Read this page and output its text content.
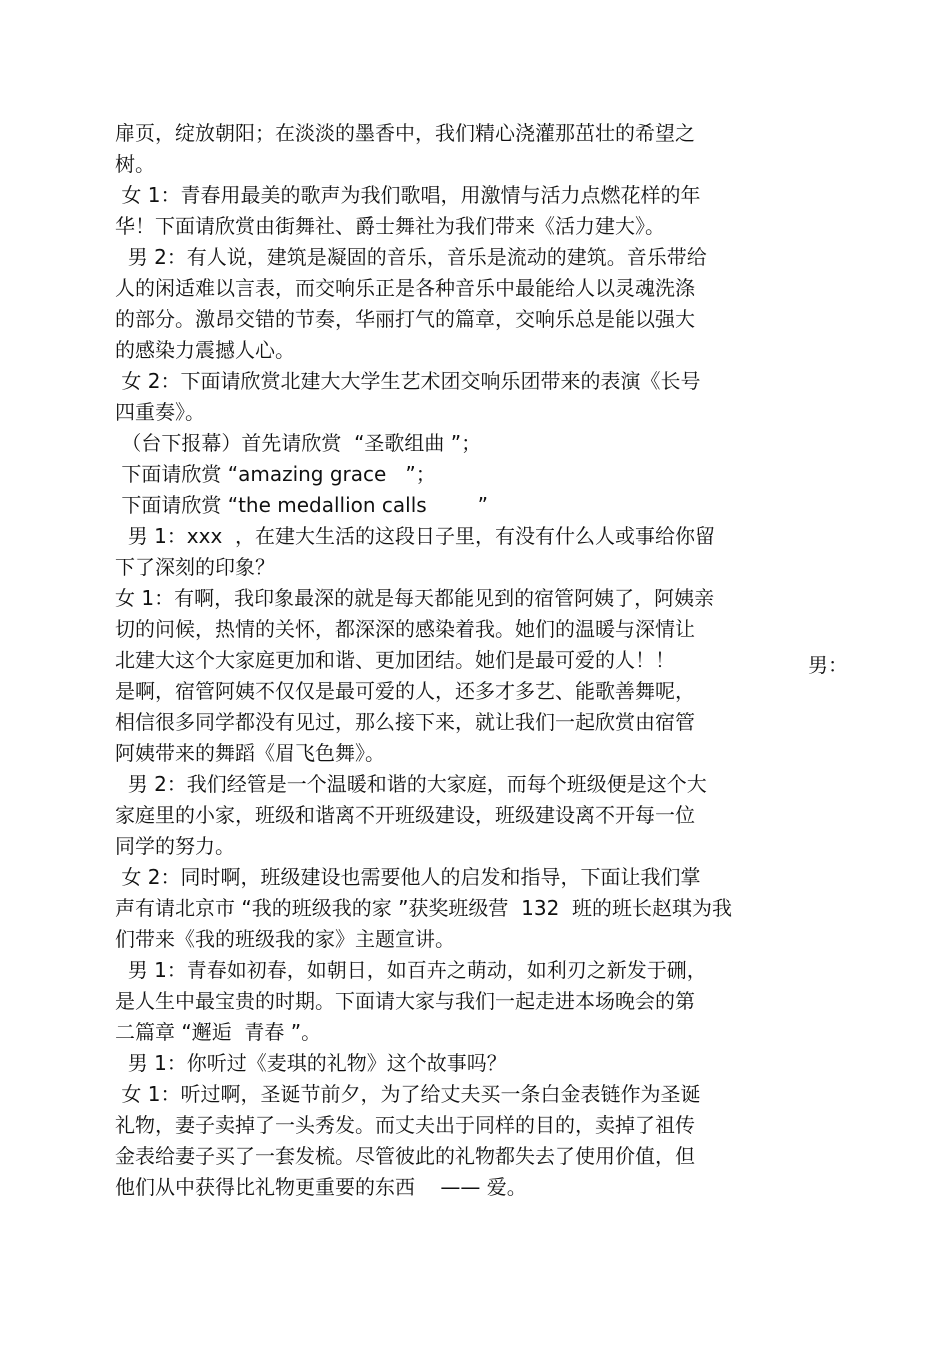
扉页，绽放朝阳；在淡淡的墨香中，我们精心浇灌那茁壮的希望之

树。

女 1：青春用最美的歌声为我们歌唱，用激情与活力点燃花样的年

华！下面请欣赏由街舞社、爵士舞社为我们带来《活力建大》。

男 2：有人说，建筑是凝固的音乐，音乐是流动的建筑。音乐带给

人的闲适难以言表，而交响乐正是各种音乐中最能给人以灵魂洗涤

的部分。激昂交错的节奏，华丽打气的篇章，交响乐总是能以强大

的感染力震撼人心。

女 2：下面请欣赏北建大大学生艺术团交响乐团带来的表演《长号

四重奏》。

（台下报幕）首先请欣赏  “圣歌组曲 ”；

下面请欣赏 “amazing grace   ”；

下面请欣赏 “the medallion calls        ”

男 1：xxx  ，在建大生活的这段日子里，有没有什么人或事给你留

下了深刻的印象？

女 1：有啊，我印象最深的就是每天都能见到的宿管阿姨了，阿姨亲

切的问候，热情的关怀，都深深的感染着我。她们的温暖与深情让

北建大这个大家庭更加和谐、更加团结。她们是最可爱的人！！

是啊，宿管阿姨不仅仅是最可爱的人，还多才多艺、能歌善舞呢，

相信很多同学都没有见过，那么接下来，就让我们一起欣赏由宿管

阿姨带来的舞蹈《眉飞色舞》。

男 2：我们经管是一个温暖和谐的大家庭，而每个班级便是这个大

家庭里的小家，班级和谐离不开班级建设，班级建设离不开每一位

同学的努力。

女 2：同时啊，班级建设也需要他人的启发和指导，下面让我们掌

声有请北京市 “我的班级我的家 ”获奖班级营  132  班的班长赵琪为我

们带来《我的班级我的家》主题宣讲。

男 1：青春如初春，如朝日，如百卉之萌动，如利刃之新发于硎，

是人生中最宝贵的时期。下面请大家与我们一起走进本场晚会的第

二篇章 “邂逅  青春 ”。

男 1：你听过《麦琪的礼物》这个故事吗？

女 1：听过啊，圣诞节前夕，为了给丈夫买一条白金表链作为圣诞

礼物，妻子卖掉了一头秀发。而丈夫出于同样的目的，卖掉了祖传

金表给妻子买了一套发梳。尽管彼此的礼物都失去了使用价值，但

他们从中获得比礼物更重要的东西    —— 爱。

男：
